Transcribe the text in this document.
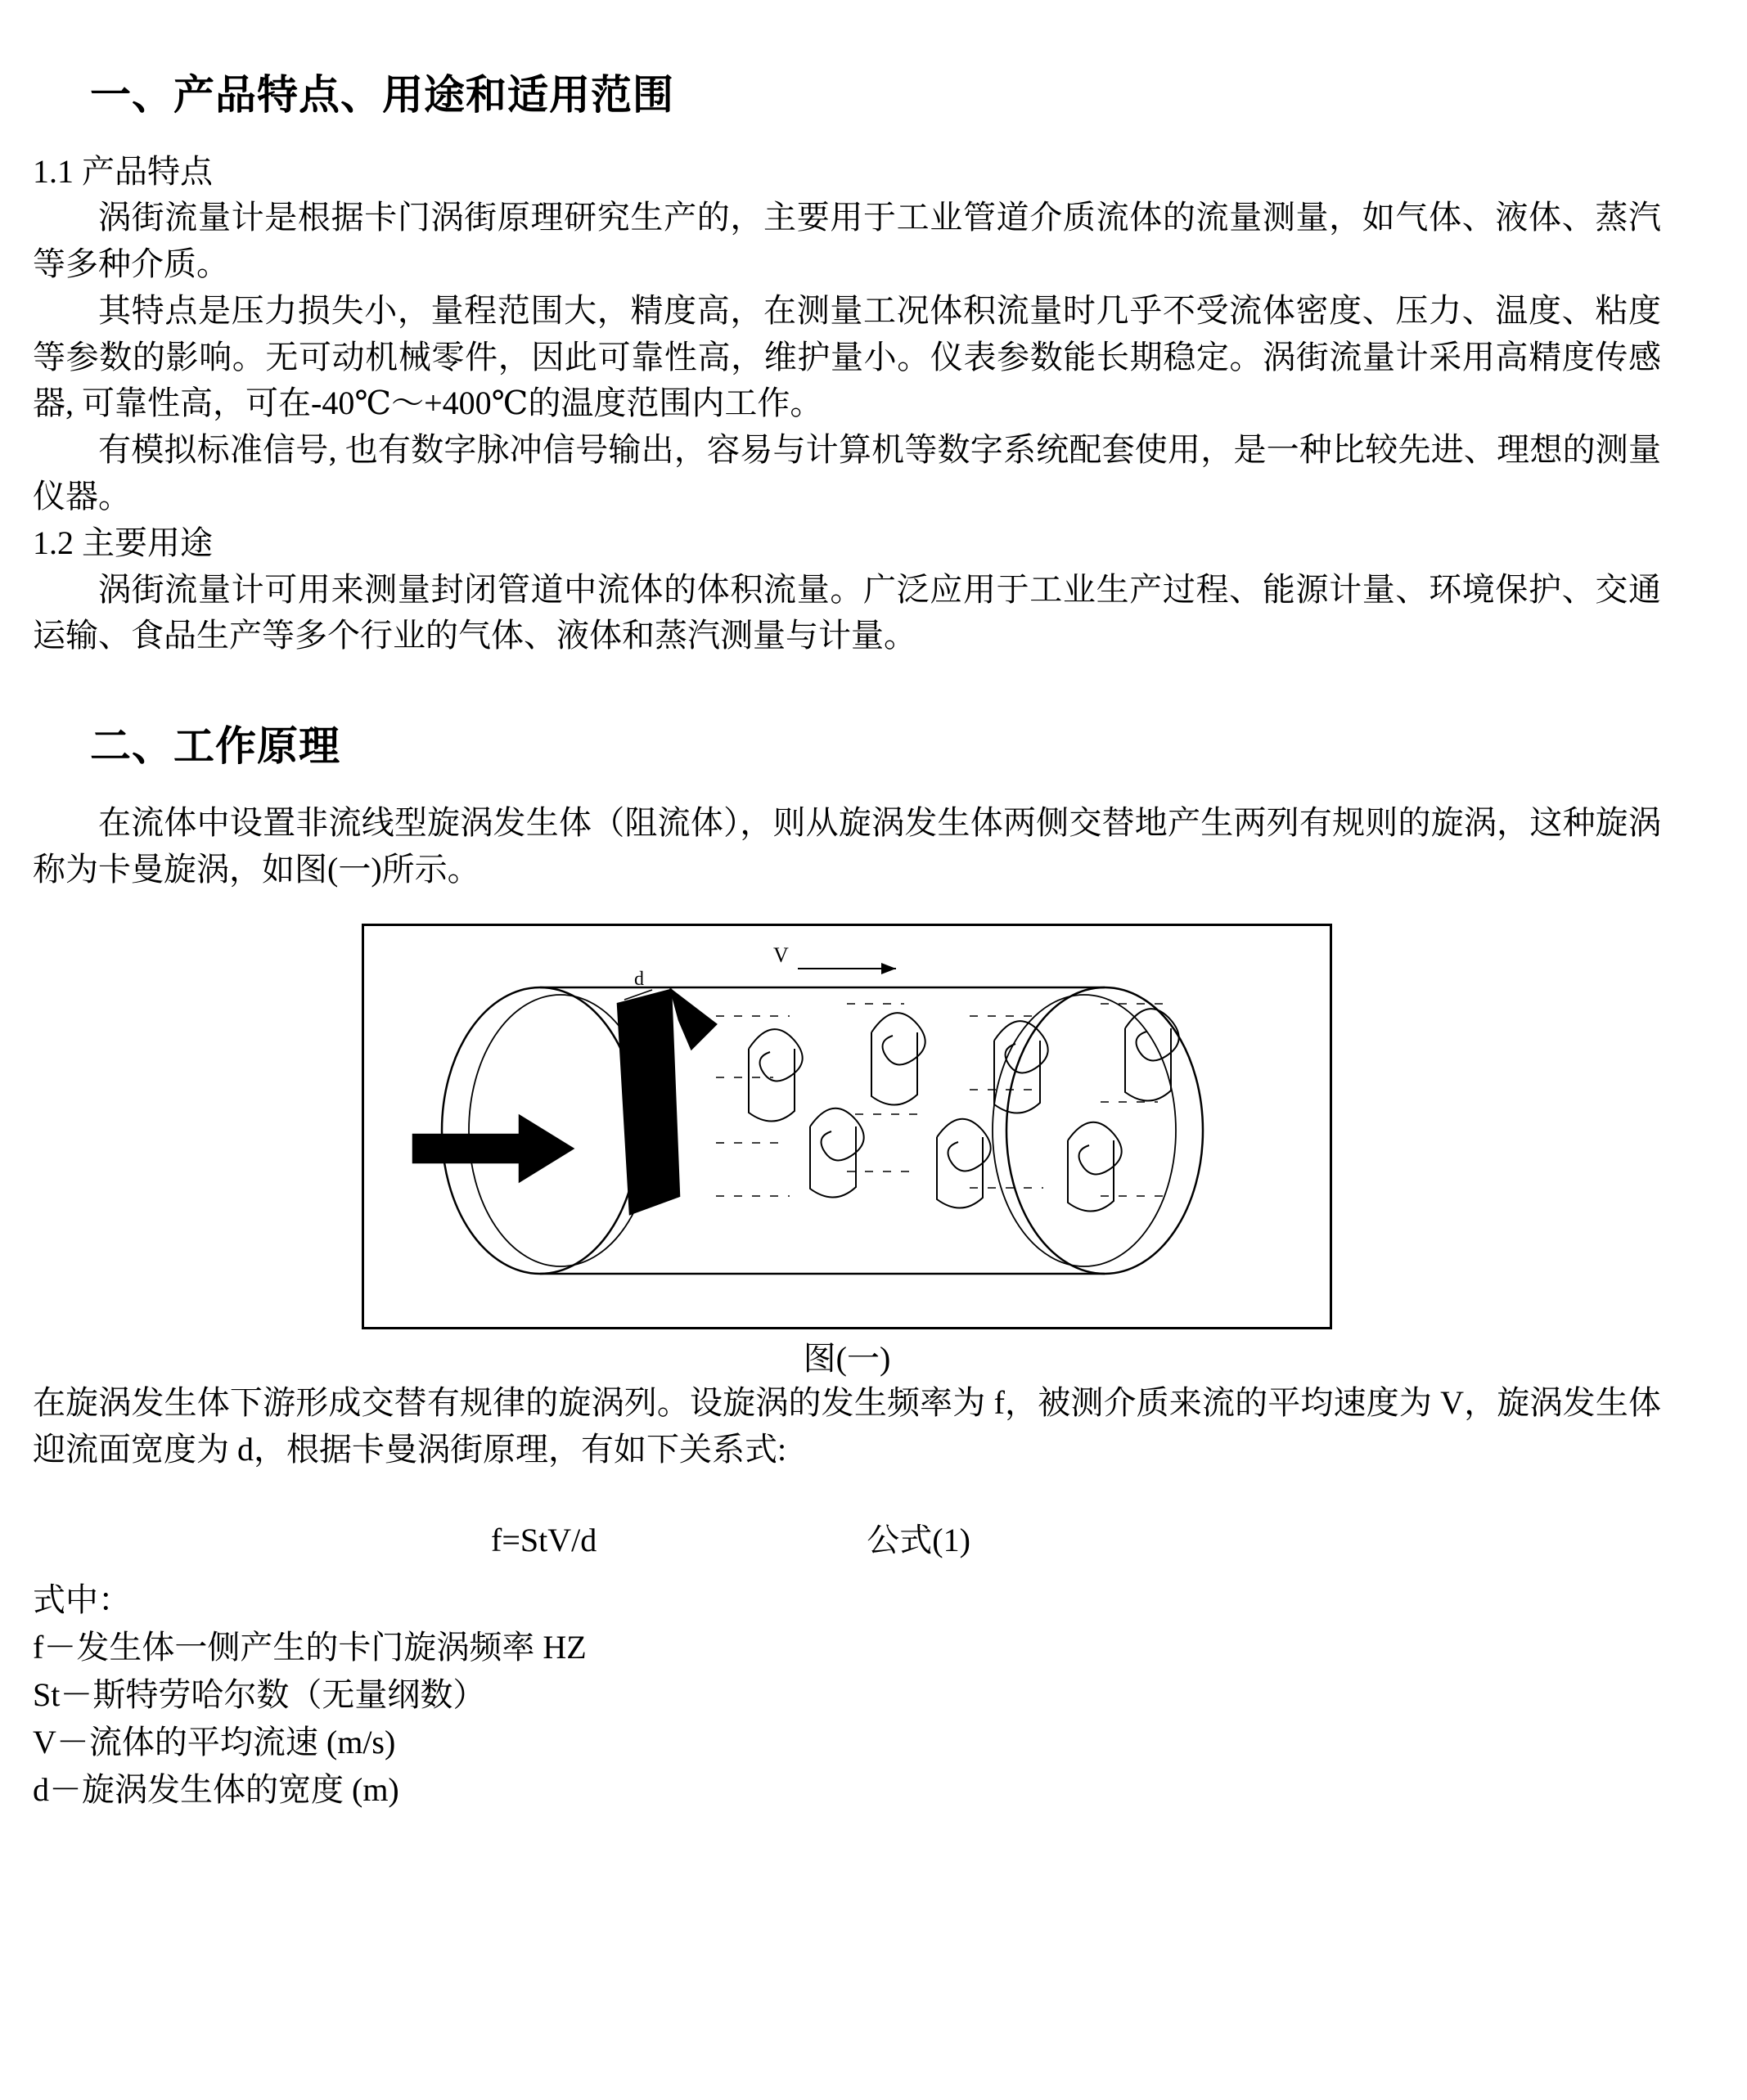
一、产品特点、用途和适用范围

1.1 产品特点

涡街流量计是根据卡门涡街原理研究生产的，主要用于工业管道介质流体的流量测量，如气体、液体、蒸汽等多种介质。

其特点是压力损失小，量程范围大，精度高，在测量工况体积流量时几乎不受流体密度、压力、温度、粘度等参数的影响。无可动机械零件，因此可靠性高，维护量小。仪表参数能长期稳定。涡街流量计采用高精度传感器, 可靠性高，可在-40℃～+400℃的温度范围内工作。

有模拟标准信号, 也有数字脉冲信号输出，容易与计算机等数字系统配套使用，是一种比较先进、理想的测量仪器。

1.2 主要用途

涡街流量计可用来测量封闭管道中流体的体积流量。广泛应用于工业生产过程、能源计量、环境保护、交通运输、食品生产等多个行业的气体、液体和蒸汽测量与计量。

二、工作原理

在流体中设置非流线型旋涡发生体（阻流体），则从旋涡发生体两侧交替地产生两列有规则的旋涡，这种旋涡称为卡曼旋涡，如图(一)所示。

V
d

图(一)

在旋涡发生体下游形成交替有规律的旋涡列。设旋涡的发生频率为 f，被测介质来流的平均速度为 V，旋涡发生体迎流面宽度为 d，根据卡曼涡街原理，有如下关系式:

f=StV/d	公式(1)

式中：

f－发生体一侧产生的卡门旋涡频率 HZ

St－斯特劳哈尔数（无量纲数）

V－流体的平均流速 (m/s)

d－旋涡发生体的宽度 (m)
